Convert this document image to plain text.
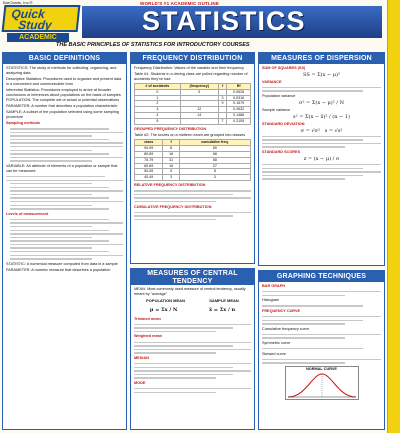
BarCharts, Inc.®	WORLD'S #1 ACADEMIC OUTLINE
Quick
Study
ACADEMIC
STATISTICS
THE BASIC PRINCIPLES OF STATISTICS FOR INTRODUCTORY COURSES
BASIC DEFINITIONS

STATISTICS: The study of methods for collecting, organizing, and analyzing data

Descriptive Statistics: Procedures used to organize and present data in a convenient and communicable form

Inferential Statistics: Procedures employed to arrive at broader conclusions or inferences about populations on the basis of samples

POPULATION: The complete set of actual or potential observations

PARAMETER: A number that describes a population characteristic

SAMPLE: A subset of the population selected using some sampling procedure

Sampling methods

VARIABLE: An attribute of elements of a population or sample that can be measured

Levels of measurement

STATISTIC: A numerical measure computed from data in a sample

PARAMETER: A numeric measure that describes a population

FREQUENCY DISTRIBUTION

Frequency Distribution: Values of the variable and their frequency

Table #1: Students in a driving class are polled regarding number of accidents they've had

# of accidents	(frequency)	f	Rf
0	5		0.0526
1		3	0.0316
2		9	0.1579
3	12		0.2632
4	14		0.1468
5		7	0.2105

GROUPED FREQUENCY DISTRIBUTION

Table #2: The scores on a midterm exam are grouped into classes

class	f	cumulative freq.
90-99	8	80
80-89	16	68
70-79	31	58
60-69	16	27
50-59	5	8
40-49	3	3

RELATIVE FREQUENCY DISTRIBUTION

CUMULATIVE FREQUENCY DISTRIBUTION

MEASURES OF CENTRAL TENDENCY

MEAN: Most commonly used measure of central tendency, usually meant by "average"

POPULATION MEAN	SAMPLE MEAN
μ = Σx / N	x̄ = Σx / n

Trimmed mean

Weighted mean

MEDIAN

MODE

MEASURES OF DISPERSION

SUM OF SQUARES (SS)

SS = Σ(x − μ)²

VARIANCE

Population variance

σ² = Σ(x − μ)² / N

Sample variance

s² = Σ(x − x̄)² / (n − 1)

STANDARD DEVIATION

σ = √σ²   s = √s²

STANDARD SCORES

z = (x − μ) / σ
GRAPHING TECHNIQUES

BAR GRAPH

Histogram

FREQUENCY CURVE

Cumulative frequency curve

Symmetric curve

Skewed curve

NORMAL CURVE
